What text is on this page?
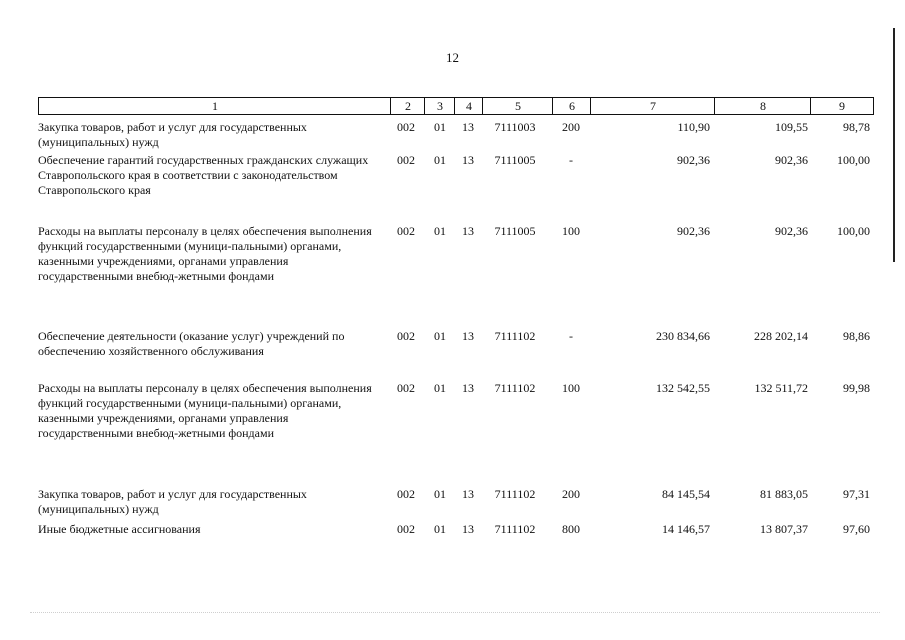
12
1	2	3	4	5	6	7	8	9
Закупка товаров, работ и услуг для государственных (муниципальных) нужд
002	01	13	7111003	200	110,90	109,55	98,78
Обеспечение гарантий государственных гражданских служащих Ставропольского края в соответствии с законодательством Ставропольского края
002	01	13	7111005	-	902,36	902,36	100,00
Расходы на выплаты персоналу в целях обеспечения выполнения функций государственными (муници-пальными) органами, казенными учреждениями, органами управления государственными внебюд-жетными фондами
002	01	13	7111005	100	902,36	902,36	100,00
Обеспечение деятельности (оказание услуг) учреждений по обеспечению хозяйственного обслуживания
002	01	13	7111102	-	230 834,66	228 202,14	98,86
Расходы на выплаты персоналу в целях обеспечения выполнения функций государственными (муници-пальными) органами, казенными учреждениями, органами управления государственными внебюд-жетными фондами
002	01	13	7111102	100	132 542,55	132 511,72	99,98
Закупка товаров, работ и услуг для государственных (муниципальных) нужд
002	01	13	7111102	200	84 145,54	81 883,05	97,31
Иные бюджетные ассигнования	002	01	13	7111102	800	14 146,57	13 807,37	97,60
